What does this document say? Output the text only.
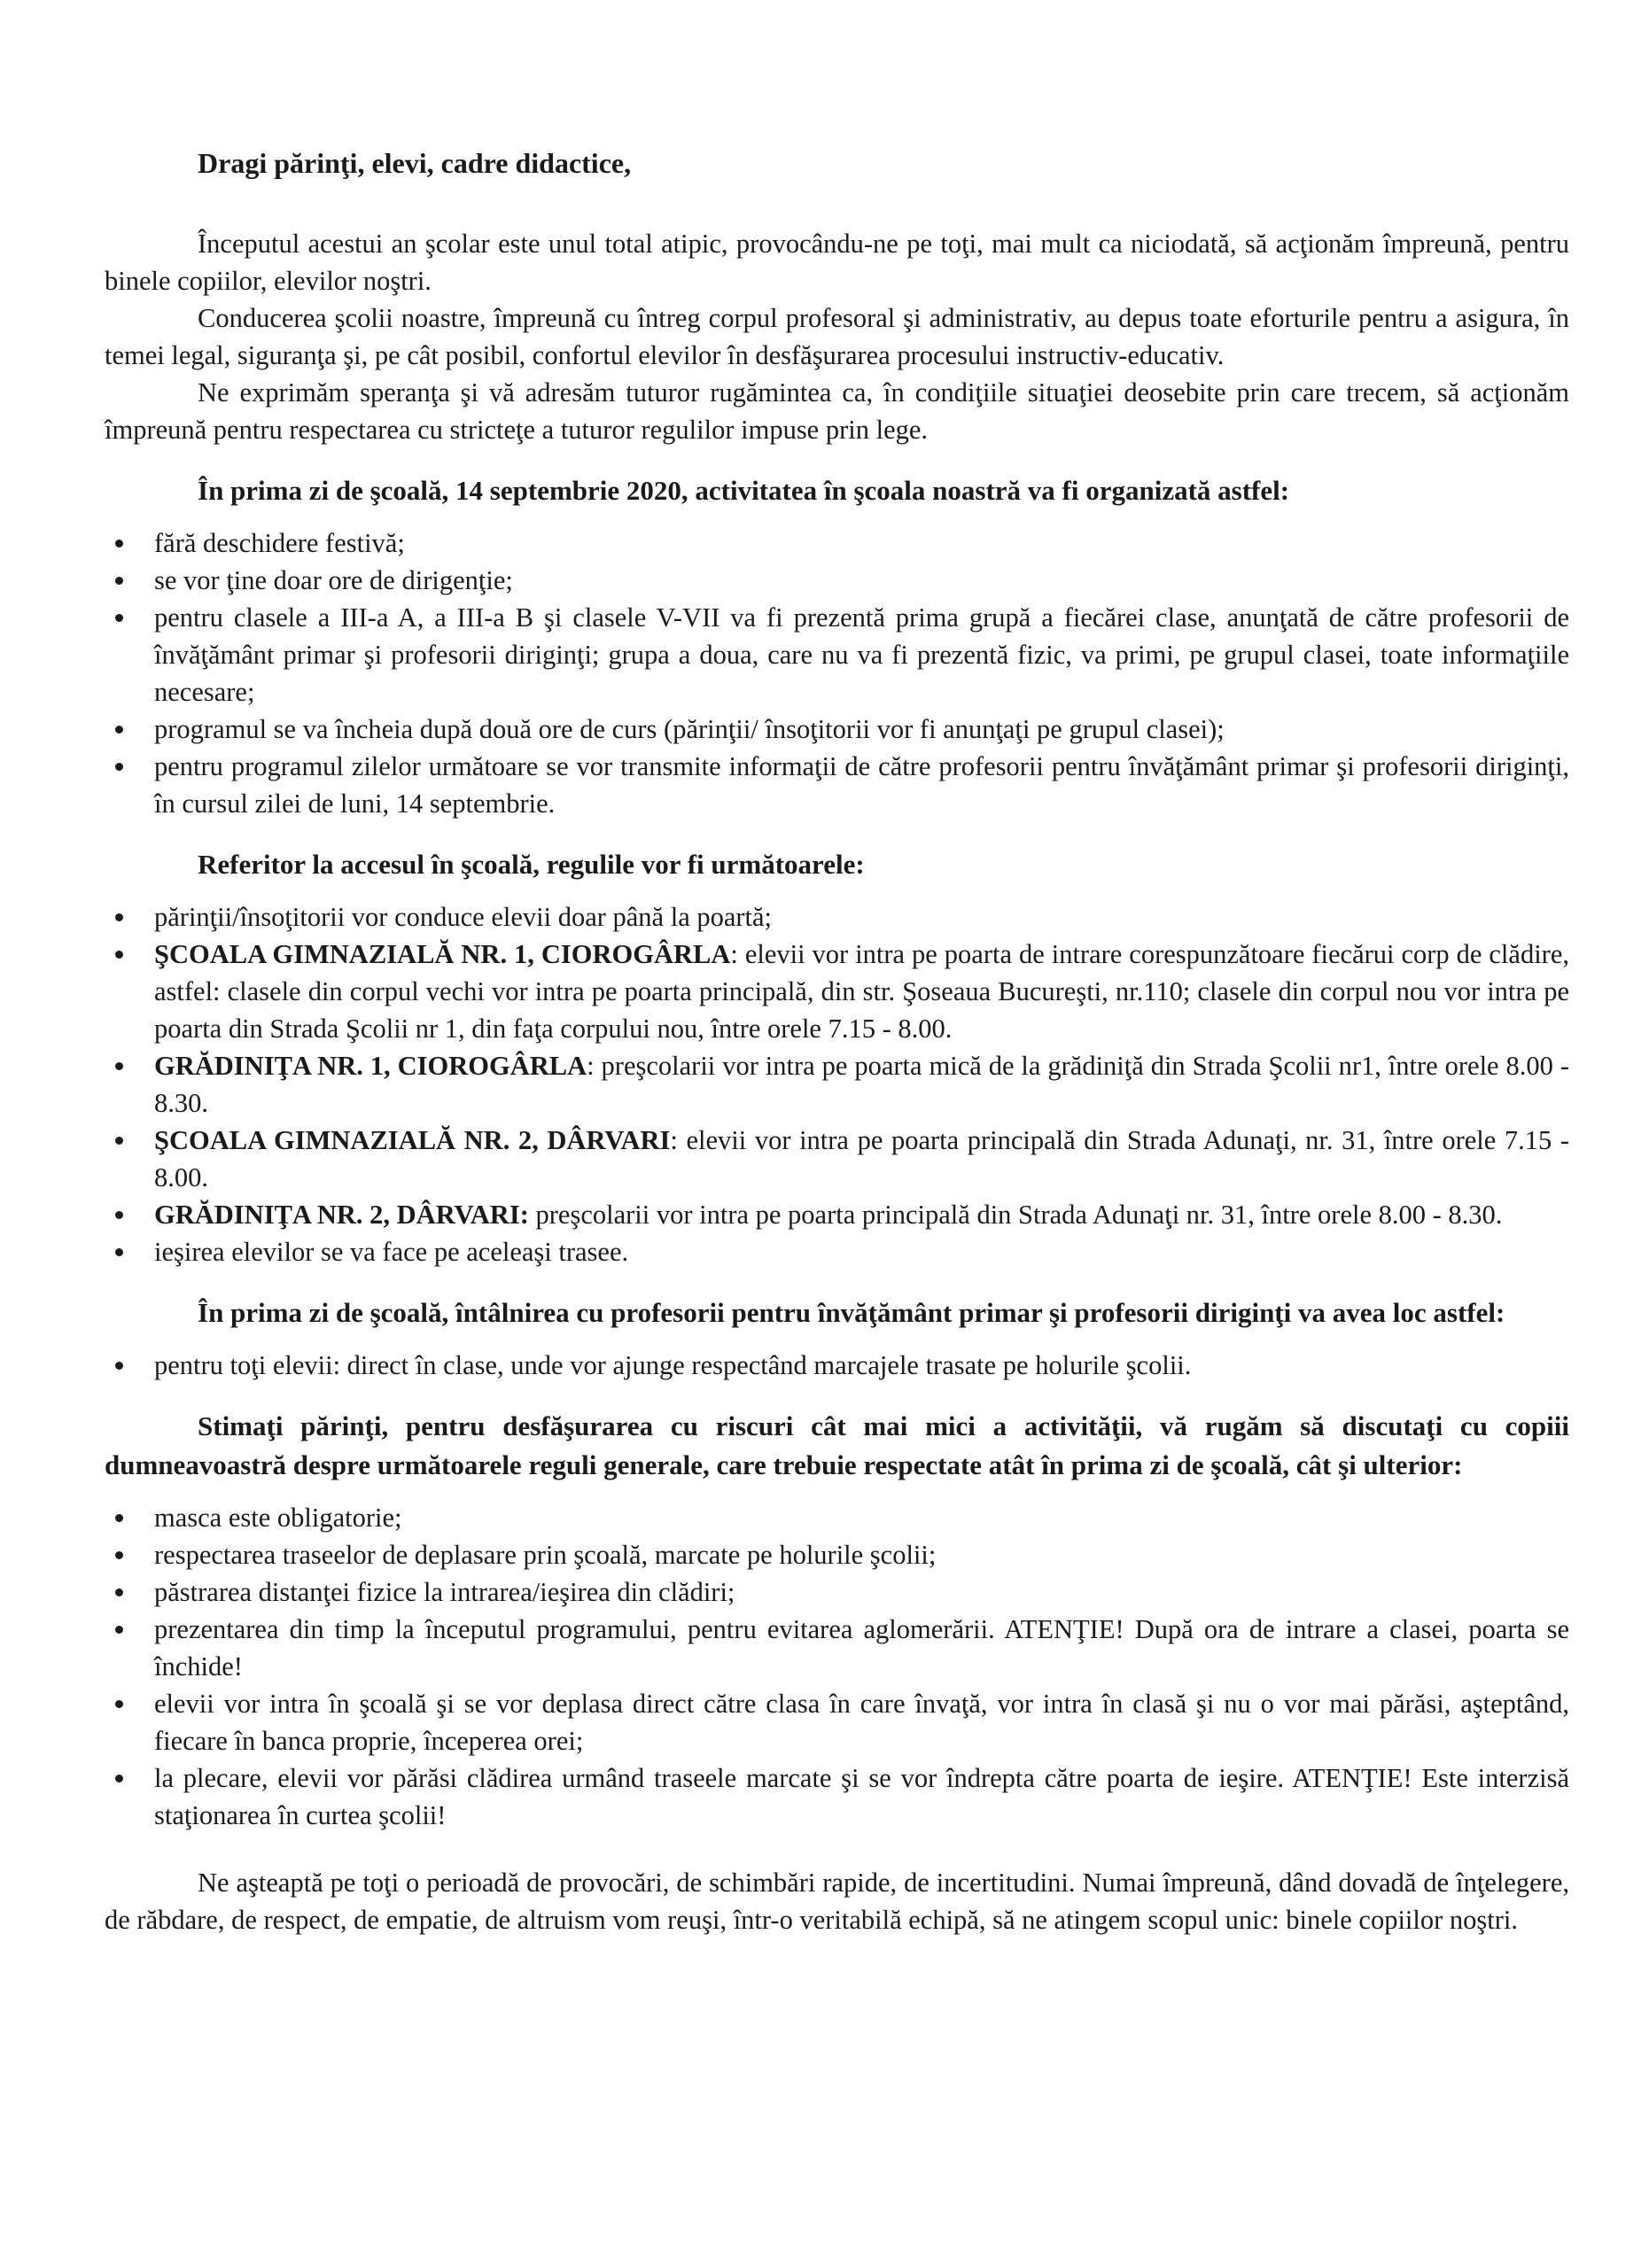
Dragi părinţi, elevi, cadre didactice,

Începutul acestui an şcolar este unul total atipic, provocându-ne pe toţi, mai mult ca niciodată, să acţionăm împreună, pentru binele copiilor, elevilor noştri.

Conducerea şcolii noastre, împreună cu întreg corpul profesoral şi administrativ, au depus toate eforturile pentru a asigura, în temei legal, siguranţa şi, pe cât posibil, confortul elevilor în desfăşurarea procesului instructiv-educativ.

Ne exprimăm speranţa şi vă adresăm tuturor rugămintea ca, în condiţiile situaţiei deosebite prin care trecem, să acţionăm împreună pentru respectarea cu stricteţe a tuturor regulilor impuse prin lege.

În prima zi de şcoală, 14 septembrie 2020, activitatea în şcoala noastră va fi organizată astfel:
fără deschidere festivă;
se vor ţine doar ore de dirigenţie;
pentru clasele a III-a A, a III-a B şi clasele V-VII va fi prezentă prima grupă a fiecărei clase, anunţată de către profesorii de învăţământ primar şi profesorii diriginţi; grupa a doua, care nu va fi prezentă fizic, va primi, pe grupul clasei, toate informaţiile necesare;
programul se va încheia după două ore de curs (părinţii/ însoţitorii vor fi anunţaţi pe grupul clasei);
pentru programul zilelor următoare se vor transmite informaţii de către profesorii pentru învăţământ primar şi profesorii diriginţi, în cursul zilei de luni, 14 septembrie.
Referitor la accesul în şcoală, regulile vor fi următoarele:
părinţii/însoţitorii vor conduce elevii doar până la poartă;
ŞCOALA GIMNAZIALĂ NR. 1, CIOROGÂRLA: elevii vor intra pe poarta de intrare corespunzătoare fiecărui corp de clădire, astfel: clasele din corpul vechi vor intra pe poarta principală, din str. Şoseaua Bucureşti, nr.110; clasele din corpul nou vor intra pe poarta din Strada Şcolii nr 1, din faţa corpului nou, între orele 7.15 - 8.00.
GRĂDINIŢA NR. 1, CIOROGÂRLA: preşcolarii vor intra pe poarta mică de la grădiniţă din Strada Şcolii nr1, între orele 8.00 - 8.30.
ŞCOALA GIMNAZIALĂ NR. 2, DÂRVARI: elevii vor intra pe poarta principală din Strada Adunaţi, nr. 31, între orele 7.15 - 8.00.
GRĂDINIŢA NR. 2, DÂRVARI: preşcolarii vor intra pe poarta principală din Strada Adunaţi nr. 31, între orele 8.00 - 8.30.
ieşirea elevilor se va face pe aceleaşi trasee.
În prima zi de şcoală, întâlnirea cu profesorii pentru învăţământ primar şi profesorii diriginţi va avea loc astfel:
pentru toţi elevii: direct în clase, unde vor ajunge respectând marcajele trasate pe holurile şcolii.
Stimaţi părinţi, pentru desfăşurarea cu riscuri cât mai mici a activităţii, vă rugăm să discutaţi cu copiii dumneavoastră despre următoarele reguli generale, care trebuie respectate atât în prima zi de şcoală, cât şi ulterior:
masca este obligatorie;
respectarea traseelor de deplasare prin şcoală, marcate pe holurile şcolii;
păstrarea distanţei fizice la intrarea/ieşirea din clădiri;
prezentarea din timp la începutul programului, pentru evitarea aglomerării. ATENŢIE! După ora de intrare a clasei, poarta se închide!
elevii vor intra în şcoală şi se vor deplasa direct către clasa în care învaţă, vor intra în clasă şi nu o vor mai părăsi, aşteptând, fiecare în banca proprie, începerea orei;
la plecare, elevii vor părăsi clădirea urmând traseele marcate şi se vor îndrepta către poarta de ieşire. ATENŢIE! Este interzisă staţionarea în curtea şcolii!

Ne aşteaptă pe toţi o perioadă de provocări, de schimbări rapide, de incertitudini. Numai împreună, dând dovadă de înţelegere, de răbdare, de respect, de empatie, de altruism vom reuşi, într-o veritabilă echipă, să ne atingem scopul unic: binele copiilor noştri.
